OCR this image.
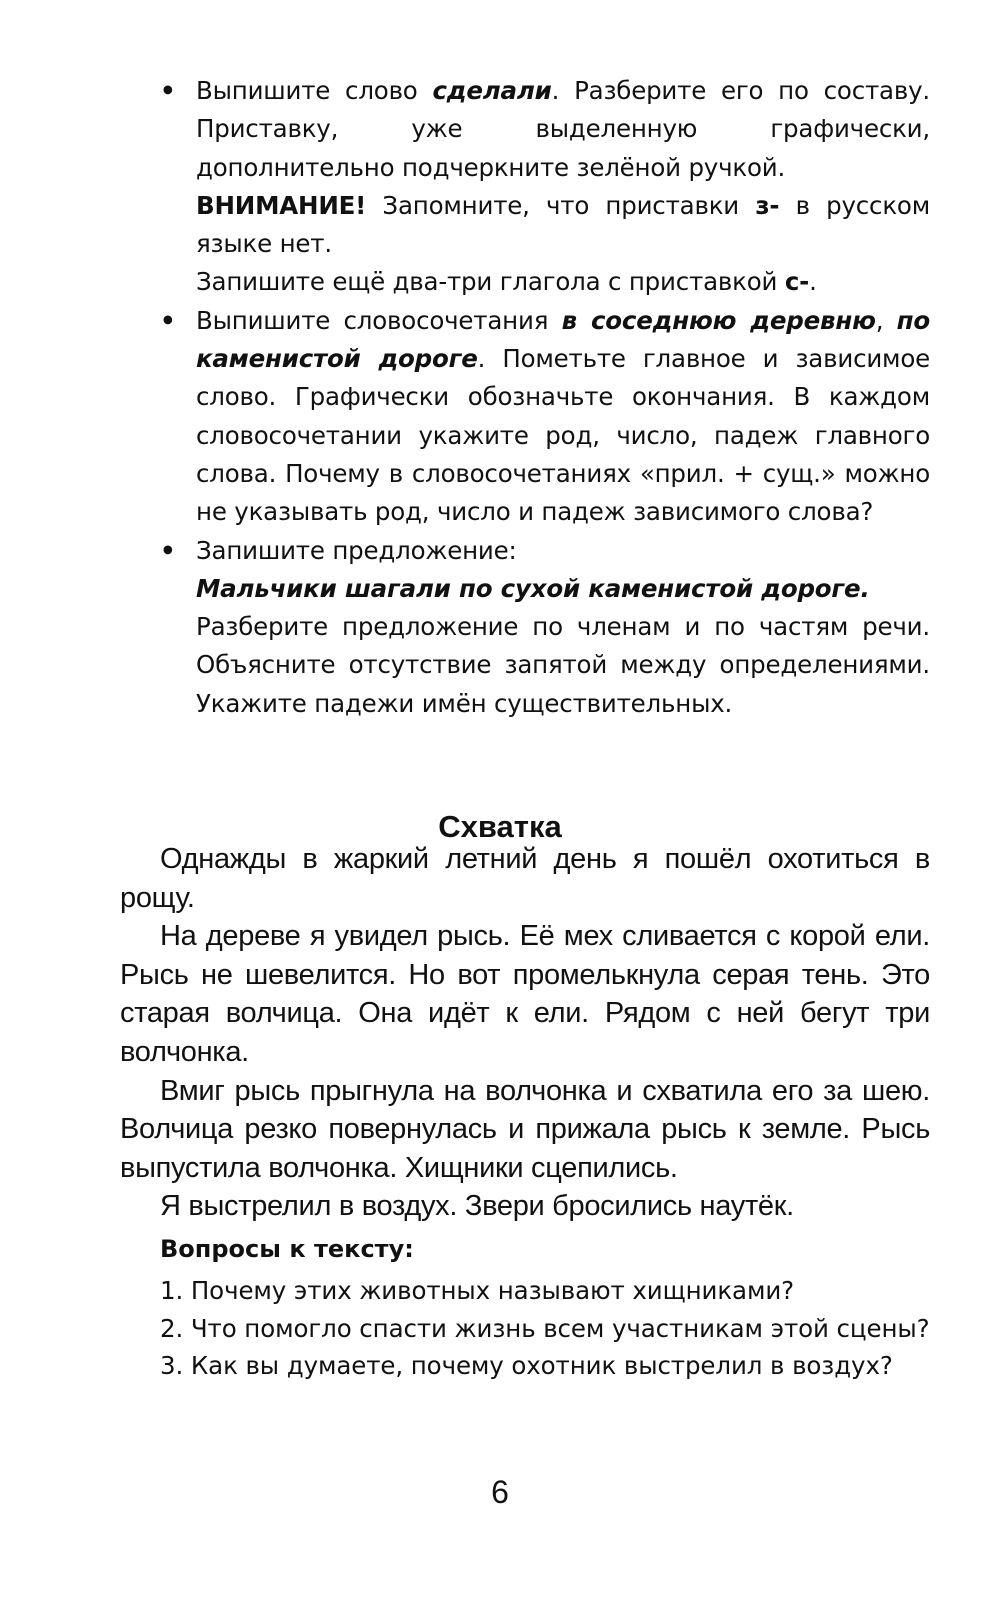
• Выпишите слово сделали. Разберите его по составу. Приставку, уже выделенную графически, дополнительно подчеркните зелёной ручкой.

ВНИМАНИЕ! Запомните, что приставки з- в русском языке нет.

Запишите ещё два-три глагола с приставкой с-.

• Выпишите словосочетания в соседнюю деревню, по каменистой дороге. Пометьте главное и зависимое слово. Графически обозначьте окончания. В каждом словосочетании укажите род, число, падеж главного слова. Почему в словосочетаниях «прил. + сущ.» можно не указывать род, число и падеж зависимого слова?

• Запишите предложение:

Мальчики шагали по сухой каменистой дороге.

Разберите предложение по членам и по частям речи. Объясните отсутствие запятой между определениями. Укажите падежи имён существительных.

Схватка

Однажды в жаркий летний день я пошёл охотиться в рощу.

На дереве я увидел рысь. Её мех сливается с корой ели. Рысь не шевелится. Но вот промелькнула серая тень. Это старая волчица. Она идёт к ели. Рядом с ней бегут три волчонка.

Вмиг рысь прыгнула на волчонка и схватила его за шею. Волчица резко повернулась и прижала рысь к земле. Рысь выпустила волчонка. Хищники сцепились.

Я выстрелил в воздух. Звери бросились наутёк.

Вопросы к тексту:

1. Почему этих животных называют хищниками?

2. Что помогло спасти жизнь всем участникам этой сцены?

3. Как вы думаете, почему охотник выстрелил в воздух?

6
